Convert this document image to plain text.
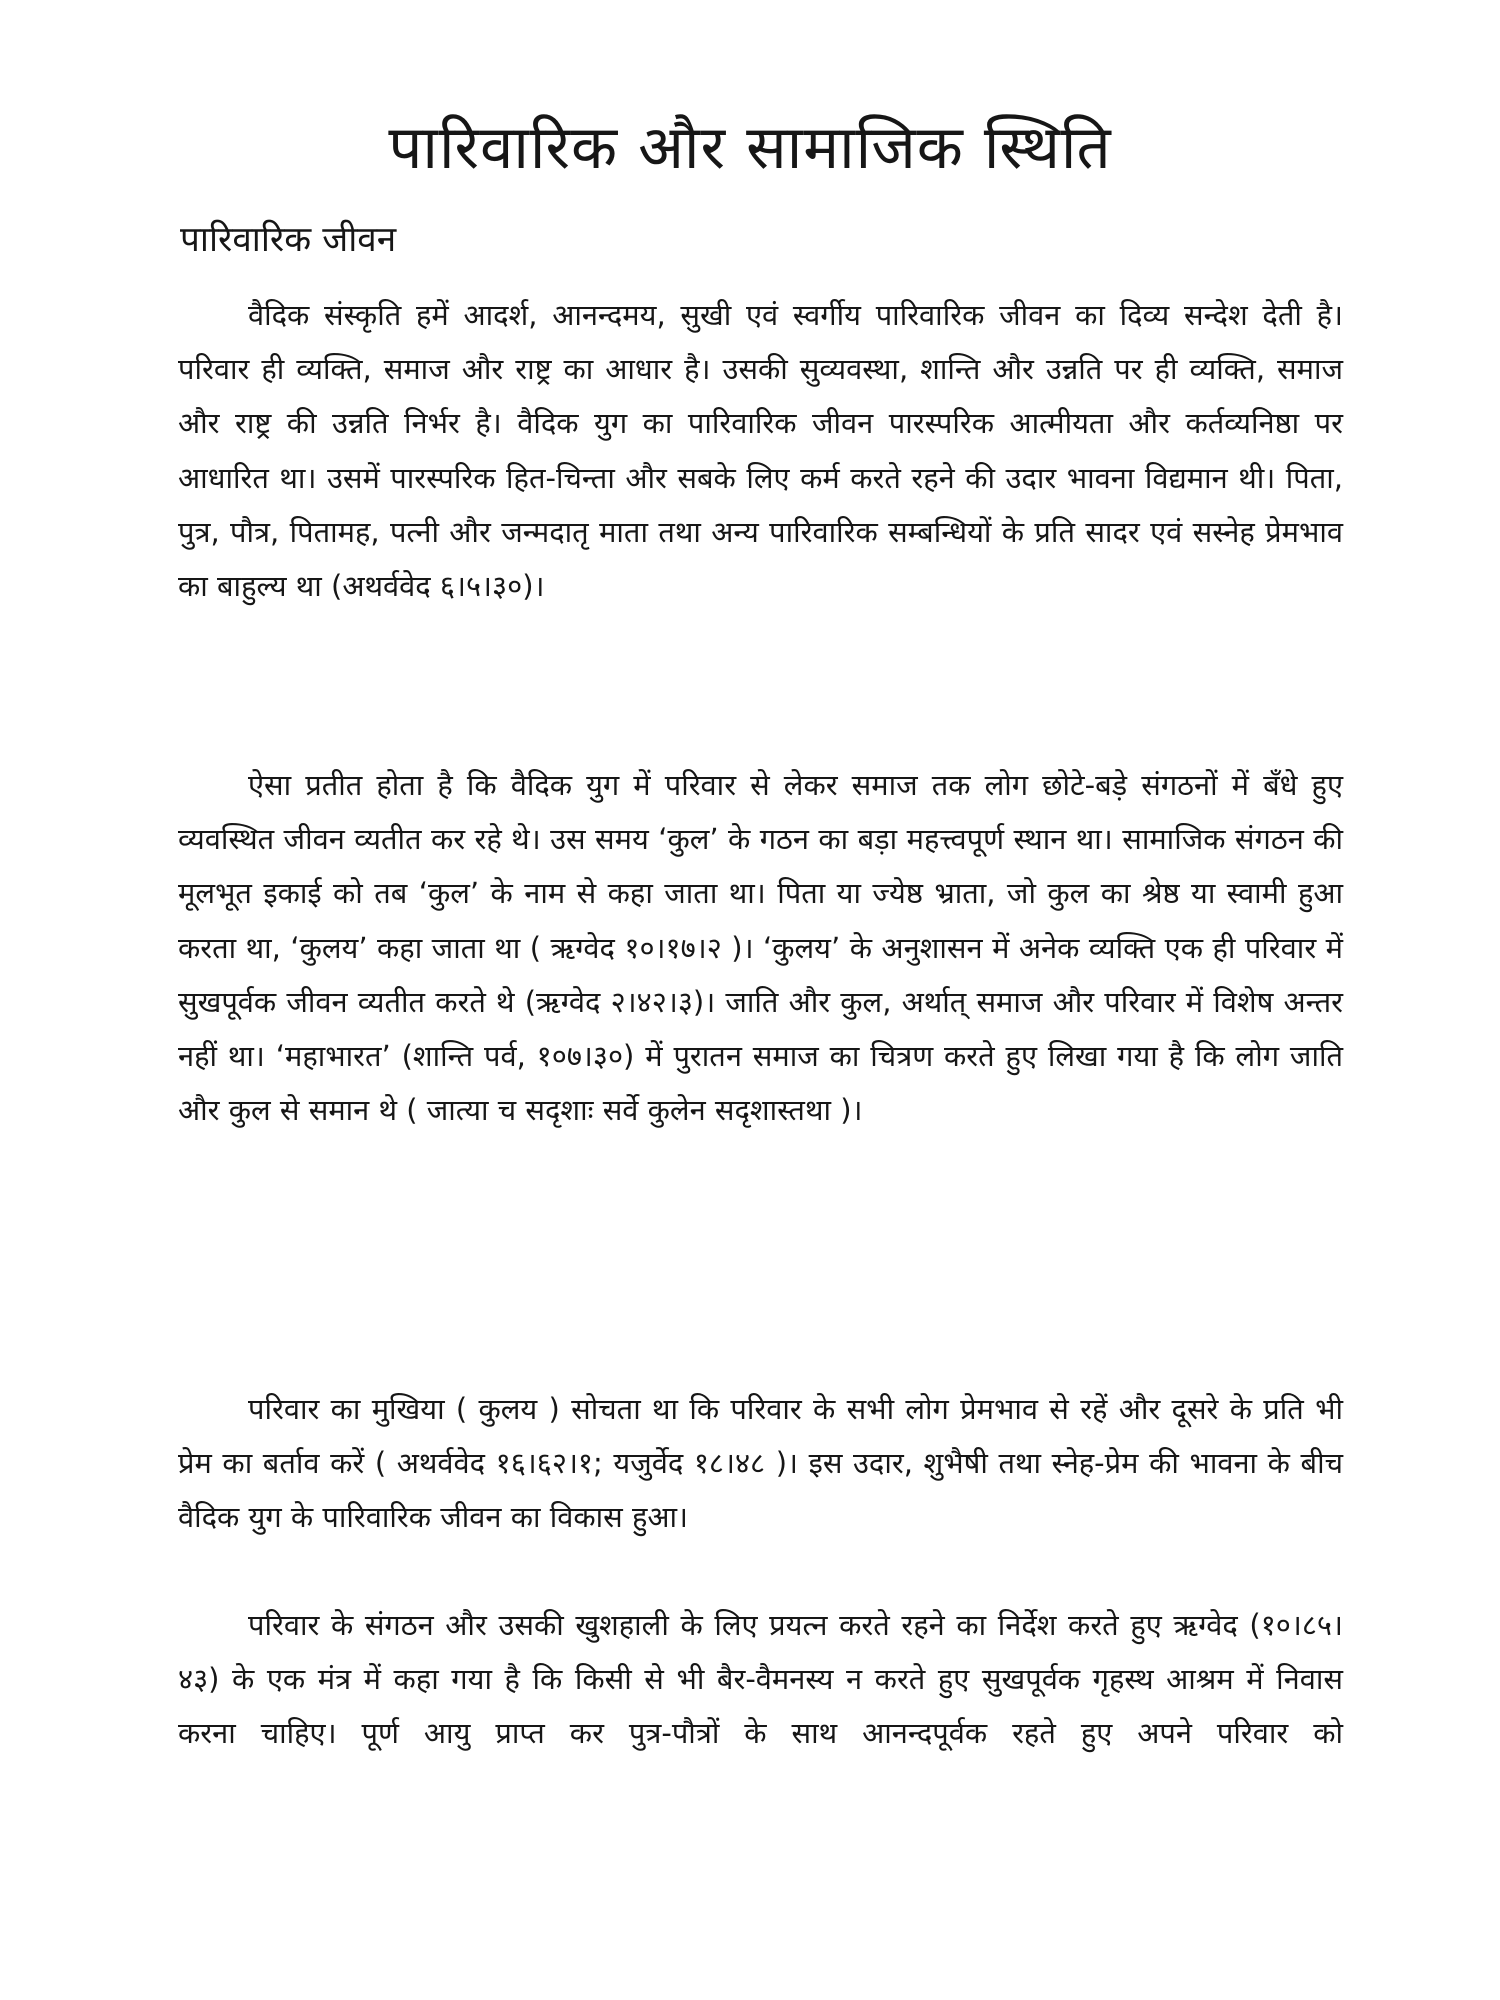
पारिवारिक और सामाजिक स्थिति
पारिवारिक जीवन

वैदिक संस्कृति हमें आदर्श, आनन्दमय, सुखी एवं स्वर्गीय पारिवारिक जीवन का दिव्य सन्देश देती है। परिवार ही व्यक्ति, समाज और राष्ट्र का आधार है। उसकी सुव्यवस्था, शान्ति और उन्नति पर ही व्यक्ति, समाज और राष्ट्र की उन्नति निर्भर है। वैदिक युग का पारिवारिक जीवन पारस्परिक आत्मीयता और कर्तव्यनिष्ठा पर आधारित था। उसमें पारस्परिक हित-चिन्ता और सबके लिए कर्म करते रहने की उदार भावना विद्यमान थी। पिता, पुत्र, पौत्र, पितामह, पत्नी और जन्मदातृ माता तथा अन्य पारिवारिक सम्बन्धियों के प्रति सादर एवं सस्नेह प्रेमभाव का बाहुल्य था (अथर्ववेद ६।५।३०)।

ऐसा प्रतीत होता है कि वैदिक युग में परिवार से लेकर समाज तक लोग छोटे-बड़े संगठनों में बँधे हुए व्यवस्थित जीवन व्यतीत कर रहे थे। उस समय ‘कुल’ के गठन का बड़ा महत्त्वपूर्ण स्थान था। सामाजिक संगठन की मूलभूत इकाई को तब ‘कुल’ के नाम से कहा जाता था। पिता या ज्येष्ठ भ्राता, जो कुल का श्रेष्ठ या स्वामी हुआ करता था, ‘कुलय’ कहा जाता था ( ऋग्वेद १०।१७।२ )। ‘कुलय’ के अनुशासन में अनेक व्यक्ति एक ही परिवार में सुखपूर्वक जीवन व्यतीत करते थे (ऋग्वेद २।४२।३)। जाति और कुल, अर्थात् समाज और परिवार में विशेष अन्तर नहीं था। ‘महाभारत’ (शान्ति पर्व, १०७।३०) में पुरातन समाज का चित्रण करते हुए लिखा गया है कि लोग जाति और कुल से समान थे ( जात्या च सदृशाः सर्वे कुलेन सदृशास्तथा )।

परिवार का मुखिया ( कुलय ) सोचता था कि परिवार के सभी लोग प्रेमभाव से रहें और दूसरे के प्रति भी प्रेम का बर्ताव करें ( अथर्ववेद १६।६२।१; यजुर्वेद १८।४८ )। इस उदार, शुभैषी तथा स्नेह-प्रेम की भावना के बीच वैदिक युग के पारिवारिक जीवन का विकास हुआ।

परिवार के संगठन और उसकी खुशहाली के लिए प्रयत्न करते रहने का निर्देश करते हुए ऋग्वेद (१०।८५।४३) के एक मंत्र में कहा गया है कि किसी से भी बैर-वैमनस्य न करते हुए सुखपूर्वक गृहस्थ आश्रम में निवास करना चाहिए। पूर्ण आयु प्राप्त कर पुत्र-पौत्रों के साथ आनन्दपूर्वक रहते हुए अपने परिवार को
